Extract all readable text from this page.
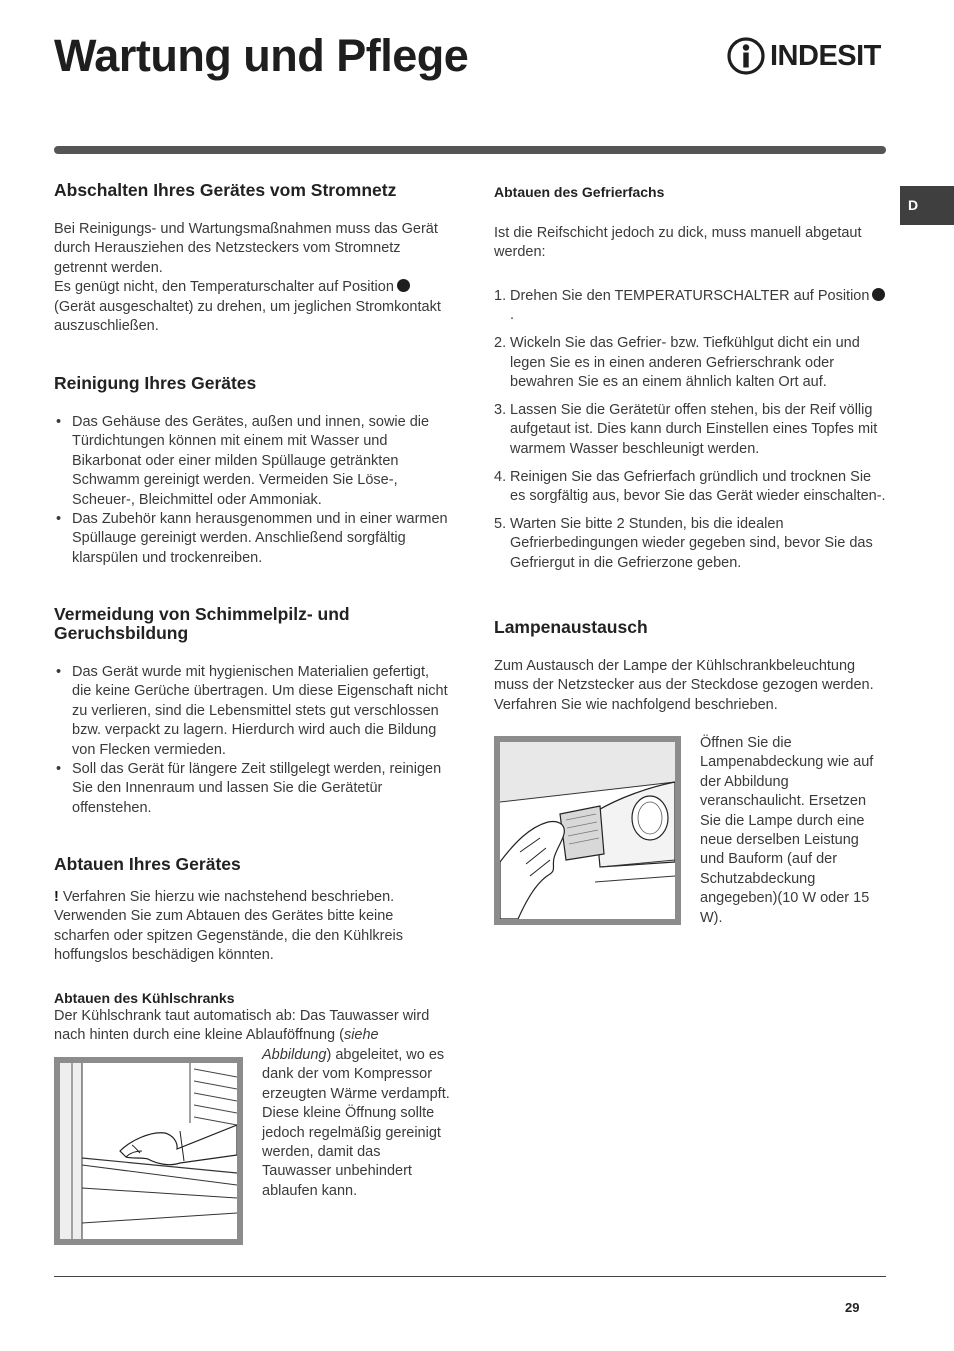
Wartung und Pflege	INDESIT
D
Abschalten Ihres Gerätes vom Stromnetz

Bei Reinigungs- und Wartungsmaßnahmen muss das Gerät durch Herausziehen des Netzsteckers vom Stromnetz getrennt werden.

Es genügt nicht, den Temperaturschalter auf Position (Gerät ausgeschaltet) zu drehen, um jeglichen Stromkontakt auszuschließen.

Reinigung Ihres Gerätes
• Das Gehäuse des Gerätes, außen und innen, sowie die Türdichtungen können mit einem mit Wasser und Bikarbonat oder einer milden Spüllauge getränkten Schwamm gereinigt werden. Vermeiden Sie Löse-, Scheuer-, Bleichmittel oder Ammoniak.
• Das Zubehör kann herausgenommen und in einer warmen Spüllauge gereinigt werden. Anschließend sorgfältig klarspülen und trockenreiben.
Vermeidung von Schimmelpilz- und Geruchsbildung
• Das Gerät wurde mit hygienischen Materialien gefertigt, die keine Gerüche übertragen. Um diese Eigenschaft nicht zu verlieren, sind die Lebensmittel stets gut verschlossen bzw. verpackt zu lagern. Hierdurch wird auch die Bildung von Flecken vermieden.
• Soll das Gerät für längere Zeit stillgelegt werden, reinigen Sie den Innenraum und lassen Sie die Gerätetür offenstehen.
Abtauen Ihres Gerätes

! Verfahren Sie hierzu wie nachstehend beschrieben. Verwenden Sie zum Abtauen des Gerätes bitte keine scharfen oder spitzen Gegenstände, die den Kühlkreis hoffungslos beschädigen könnten.

Abtauen des Kühlschranks

Der Kühlschrank taut automatisch ab: Das Tauwasser wird nach hinten durch eine kleine Ablauföffnung (siehe

Abbildung) abgeleitet, wo es dank der vom Kompressor erzeugten Wärme verdampft.

Diese kleine Öffnung sollte jedoch regelmäßig gereinigt werden, damit das Tauwasser unbehindert ablaufen kann.

Abtauen des Gefrierfachs

Ist die Reifschicht jedoch zu dick, muss manuell abgetaut werden:

1. Drehen Sie den TEMPERATURSCHALTER auf Position.
2. Wickeln Sie das Gefrier- bzw. Tiefkühlgut dicht ein und legen Sie es in einen anderen Gefrierschrank oder bewahren Sie es an einem ähnlich kalten Ort auf.
3. Lassen Sie die Gerätetür offen stehen, bis der Reif völlig aufgetaut ist. Dies kann durch Einstellen eines Topfes mit warmem Wasser beschleunigt werden.
4. Reinigen Sie das Gefrierfach gründlich und trocknen Sie es sorgfältig aus, bevor Sie das Gerät wieder einschalten-.
5. Warten Sie bitte 2 Stunden, bis die idealen Gefrierbedingungen wieder gegeben sind, bevor Sie das Gefriergut in die Gefrierzone geben.
Lampenaustausch

Zum Austausch der Lampe der Kühlschrankbeleuchtung muss der Netzstecker aus der Steckdose gezogen werden. Verfahren Sie wie nachfolgend beschrieben.

Öffnen Sie die Lampenabdeckung wie auf der Abbildung veranschaulicht. Ersetzen Sie die Lampe durch eine neue derselben Leistung und Bauform (auf der Schutzabdeckung angegeben)(10 W oder 15 W).

29
